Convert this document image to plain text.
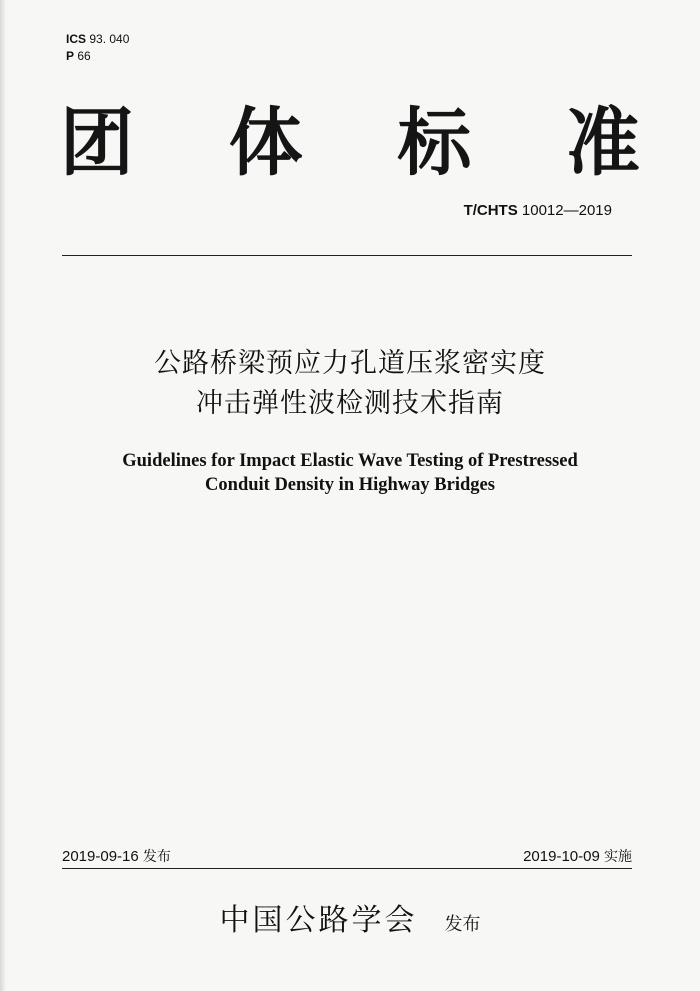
ICS 93. 040
P 66
团 体 标 准
T/CHTS 10012—2019
公路桥梁预应力孔道压浆密实度
冲击弹性波检测技术指南
Guidelines for Impact Elastic Wave Testing of Prestressed
Conduit Density in Highway Bridges
2019-09-16 发布	2019-10-09 实施
中国公路学会 发布
